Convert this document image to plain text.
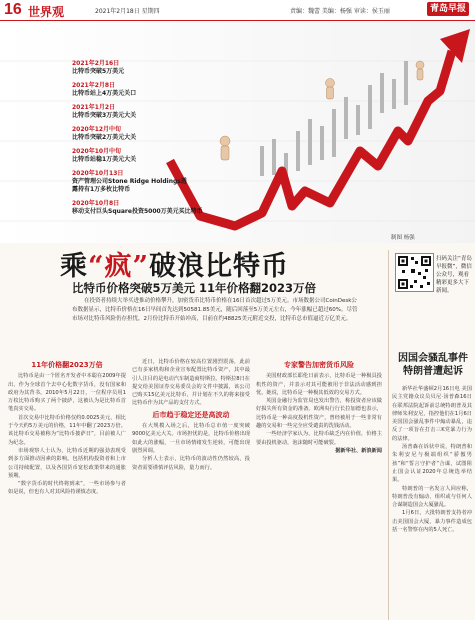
16 世界观	2021年2月18日 星期四	责编：魏蕾 美编：杨强 审读：侯玉丽	青岛早报
2021年2月16日
比特币突破5万美元
2021年2月8日
比特币站上4万美元关口
2021年1月2日
比特币突破3万美元大关
2020年12月中旬
比特币突破2万美元大关
2020年10月中旬
比特币站稳1万美元大关
2020年10月13日
资产管理公司Stone Ridge Holdings透露持有1万多枚比特币
2020年10月8日
移动支付巨头Square投资5000万美元买比特币
制图 杨强
扫码关注“青岛早报微”，微信公众号，观看精彩更多大下新闻。
乘“疯”破浪比特币
比特币价格突破5万美元 11年价格翻2023万倍
在投资者持续大举买进推动价格攀升，加密货币比特币价格在16日首次超过5万美元。市场数据公司CoinDesk公布数据显示，比特币价格在16日早间首先达到50581.85美元，随后回落至5万美元左右，今年涨幅已超过60%。尽管市场对比特币风险仍存担忧，2月份比特币开始冲高，目前在约48825美元附近交投，比特币总市值逼近万亿美元。
11年价格翻2023万倍

比特币是由一个匿名开发者中本聪在2009年提出、作为全球首个去中心化数字货币，没有国家和政府为其背书。2010年5月22日，一位程序员用1万枚比特币购买了两个披萨，这被认为是比特币首笔真实交易。

首次交易中比特币价格仅约0.0025美元，相比于今天约5万美元的价格，11年中翻了2023万倍。该比特币交易被称为“比特币披萨日”，目前被人广为纪念。

市场观察人士认为，比特币近期的强劲表现受到多方面推动因素的影响。包括机构投资者和上市公司持续配置，以及各国货币宽松政策带来的通胀预期。

“数字货币的时代终将到来”，一些市场参与者如是说，但也有人对其风险持谨慎态度。

近日，比特币价格在较高位置剧烈震荡，此前已有多家机构和企业宣布配置比特币资产，其中最引人注目的是电动汽车制造商特斯拉。特斯拉8日在提交给美国证券交易委员会的文件中披露，该公司已购买15亿美元比特币，并计划在不久的将来接受比特币作为其产品的支付方式。

后市趋于稳定还是高波动

在大规模入场之后，比特币总市值一度突破9000亿美元大关。市场担忧的是，比特币价格出现如此大的涨幅，一旦市场情绪发生逆转，可能出现剧烈回调。

分析人士表示，比特币的波动性仍然较高，投资者需要谨慎评估风险，量力而行。

专家警告加密货币风险

美国财政部长耶伦日前表示，比特币是一种极具投机性的资产，并表示对其可能被用于非法活动感到担忧。她说，比特币是一种极其低效的交易方式。

英国金融行为监管局也发出警告，称投资者应该做好损失所有资金的准备。欧洲央行行长拉加德也表示，比特币是一种高度投机性资产，曾经被用于一些非常有趣的交易和一些完全应受谴责的洗钱活动。

一些经济学家认为，比特币缺乏内在价值，价格主要由投机驱动，泡沫随时可能破裂。

据新华社、新浪新闻

因国会骚乱事件 特朗普遭起诉

新华社华盛顿2月16日电 美国民主党籍众议员贝尼·汤普森16日在联邦法院起诉前总统特朗普及其律师朱利安尼，指控他们在1月6日美国国会骚乱事件中煽动暴乱，违反了一项旨在打击三K党暴力行为的法律。

汤普森在诉状中说，特朗普和朱利安尼与极端组织“骄傲男孩”和“誓言守护者”合谋，试图阻止国会认证2020年总统选举结果。

特朗普的一名发言人回应称，特朗普没有煽动、组织或与任何人合谋制造国会大厦骚乱。

1月6日，大批特朗普支持者冲击美国国会大厦，暴力事件造成包括一名警察在内的5人死亡。
